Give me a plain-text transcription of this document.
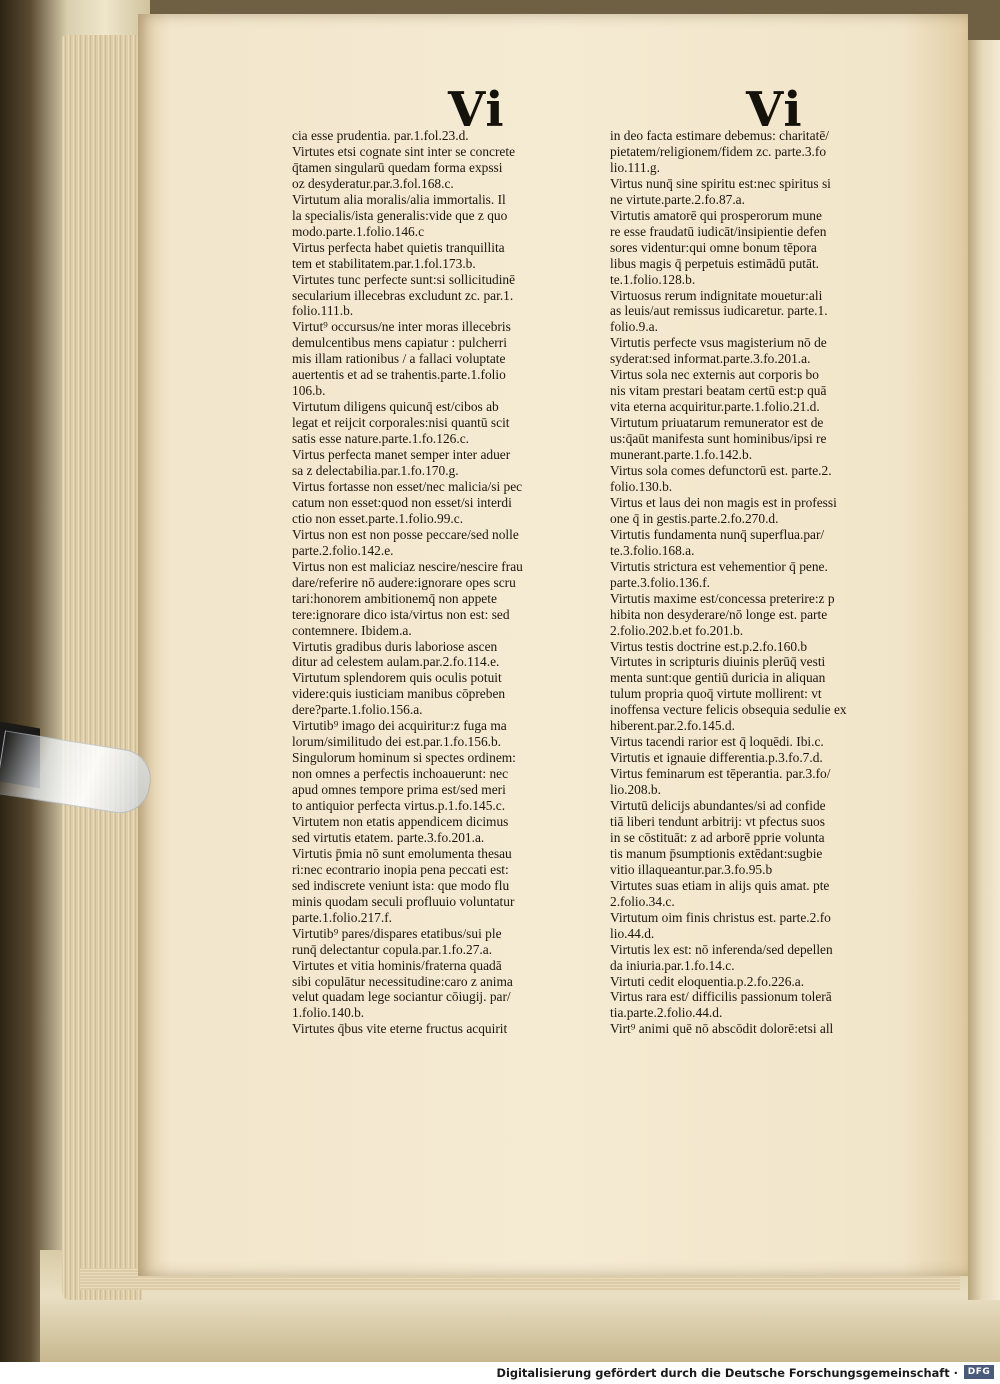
Vi	Vi
cia esse prudentia. par.1.fol.23.d.
Virtutes etsi cognate sint inter se concrete
q̄tamen singularū quedam forma expssi
oz desyderatur.par.3.fol.168.c.
Virtutum alia moralis/alia immortalis. Il
la specialis/ista generalis:vide que z quo
modo.parte.1.folio.146.c
Virtus perfecta habet quietis tranquillita
tem et stabilitatem.par.1.fol.173.b.
Virtutes tunc perfecte sunt:si sollicitudinē
secularium illecebras excludunt zc. par.1.
folio.111.b.
Virtut⁹ occursus/ne inter moras illecebris
demulcentibus mens capiatur : pulcherri
mis illam rationibus / a fallaci voluptate
auertentis et ad se trahentis.parte.1.folio
106.b.
Virtutum diligens quicunq̄ est/cibos ab
legat et reijcit corporales:nisi quantū scit
satis esse nature.parte.1.fo.126.c.
Virtus perfecta manet semper inter aduer
sa z delectabilia.par.1.fo.170.g.
Virtus fortasse non esset/nec malicia/si pec
catum non esset:quod non esset/si interdi
ctio non esset.parte.1.folio.99.c.
Virtus non est non posse peccare/sed nolle
parte.2.folio.142.e.
Virtus non est maliciaz nescire/nescire frau
dare/referire nō audere:ignorare opes scru
tari:honorem ambitionemq̄ non appete
tere:ignorare dico ista/virtus non est: sed
contemnere. Ibidem.a.
Virtutis gradibus duris laboriose ascen
ditur ad celestem aulam.par.2.fo.114.e.
Virtutum splendorem quis oculis potuit
videre:quis iusticiam manibus cōpreben
dere?parte.1.folio.156.a.
Virtutib⁹ imago dei acquiritur:z fuga ma
lorum/similitudo dei est.par.1.fo.156.b.
Singulorum hominum si spectes ordinem:
non omnes a perfectis inchoauerunt: nec
apud omnes tempore prima est/sed meri
to antiquior perfecta virtus.p.1.fo.145.c.
Virtutem non etatis appendicem dicimus
sed virtutis etatem. parte.3.fo.201.a.
Virtutis p̄mia nō sunt emolumenta thesau
ri:nec econtrario inopia pena peccati est:
sed indiscrete veniunt ista: que modo flu
minis quodam seculi profluuio voluntatur
parte.1.folio.217.f.
Virtutib⁹ pares/dispares etatibus/sui ple
runq̄ delectantur copula.par.1.fo.27.a.
Virtutes et vitia hominis/fraterna quadā
sibi copulātur necessitudine:caro z anima
velut quadam lege sociantur cōiugij. par/
1.folio.140.b.
Virtutes q̄bus vite eterne fructus acquirit
in deo facta estimare debemus: charitatē/
pietatem/religionem/fidem zc. parte.3.fo
lio.111.g.
Virtus nunq̄ sine spiritu est:nec spiritus si
ne virtute.parte.2.fo.87.a.
Virtutis amatorē qui prosperorum mune
re esse fraudatū iudicāt/insipientie defen
sores videntur:qui omne bonum tēpora
libus magis q̄ perpetuis estimādū putāt.
te.1.folio.128.b.
Virtuosus rerum indignitate mouetur:ali
as leuis/aut remissus iudicaretur. parte.1.
folio.9.a.
Virtutis perfecte vsus magisterium nō de
syderat:sed informat.parte.3.fo.201.a.
Virtus sola nec externis aut corporis bo
nis vitam prestari beatam certū est:p quā
vita eterna acquiritur.parte.1.folio.21.d.
Virtutum priuatarum remunerator est de
us:q̄aūt manifesta sunt hominibus/ipsi re
munerant.parte.1.fo.142.b.
Virtus sola comes defunctorū est. parte.2.
folio.130.b.
Virtus et laus dei non magis est in professi
one q̄ in gestis.parte.2.fo.270.d.
Virtutis fundamenta nunq̄ superflua.par/
te.3.folio.168.a.
Virtutis strictura est vehementior q̄ pene.
parte.3.folio.136.f.
Virtutis maxime est/concessa preterire:z p
hibita non desyderare/nō longe est. parte
2.folio.202.b.et fo.201.b.
Virtus testis doctrine est.p.2.fo.160.b
Virtutes in scripturis diuinis plerūq̄ vesti
menta sunt:que gentiū duricia in aliquan
tulum propria quoq̄ virtute mollirent: vt
inoffensa vecture felicis obsequia sedulie ex
hiberent.par.2.fo.145.d.
Virtus tacendi rarior est q̄ loquēdi. Ibi.c.
Virtutis et ignauie differentia.p.3.fo.7.d.
Virtus feminarum est tēperantia. par.3.fo/
lio.208.b.
Virtutū delicijs abundantes/si ad confide
tiā liberi tendunt arbitrij: vt pfectus suos
in se cōstituāt: z ad arborē pprie volunta
tis manum p̄sumptionis extēdant:sugbie
vitio illaqueantur.par.3.fo.95.b
Virtutes suas etiam in alijs quis amat. pte
2.folio.34.c.
Virtutum oim finis christus est. parte.2.fo
lio.44.d.
Virtutis lex est: nō inferenda/sed depellen
da iniuria.par.1.fo.14.c.
Virtuti cedit eloquentia.p.2.fo.226.a.
Virtus rara est/ difficilis passionum tolerā
tia.parte.2.folio.44.d.
Virt⁹ animi quē nō abscōdit dolorē:etsi all
Digitalisierung gefördert durch die Deutsche Forschungsgemeinschaft ·	DFG
